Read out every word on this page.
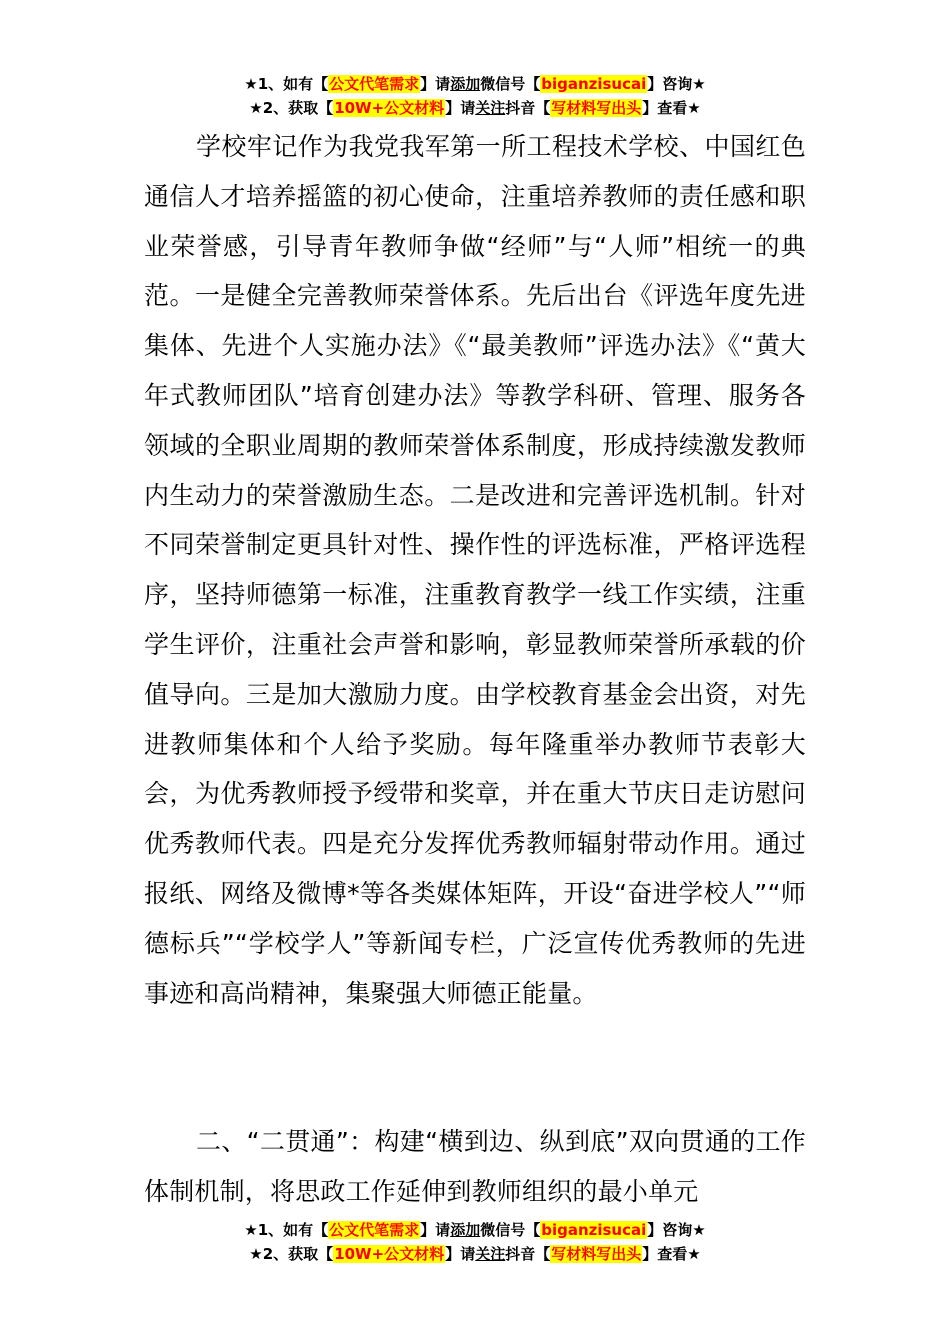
★1、如有【公文代笔需求】请添加微信号【biganzisucai】咨询★
★2、获取【10W+公文材料】请关注抖音【写材料写出头】查看★

学校牢记作为我党我军第一所工程技术学校、中国红色通信人才培养摇篮的初心使命，注重培养教师的责任感和职业荣誉感，引导青年教师争做“经师”与“人师”相统一的典范。一是健全完善教师荣誉体系。先后出台《评选年度先进集体、先进个人实施办法》《“最美教师”评选办法》《“黄大年式教师团队”培育创建办法》等教学科研、管理、服务各领域的全职业周期的教师荣誉体系制度，形成持续激发教师内生动力的荣誉激励生态。二是改进和完善评选机制。针对不同荣誉制定更具针对性、操作性的评选标准，严格评选程序，坚持师德第一标准，注重教育教学一线工作实绩，注重学生评价，注重社会声誉和影响，彰显教师荣誉所承载的价值导向。三是加大激励力度。由学校教育基金会出资，对先进教师集体和个人给予奖励。每年隆重举办教师节表彰大会，为优秀教师授予绶带和奖章，并在重大节庆日走访慰问优秀教师代表。四是充分发挥优秀教师辐射带动作用。通过报纸、网络及微博*等各类媒体矩阵，开设“奋进学校人”“师德标兵”“学校学人”等新闻专栏，广泛宣传优秀教师的先进事迹和高尚精神，集聚强大师德正能量。

二、“二贯通”：构建“横到边、纵到底”双向贯通的工作体制机制，将思政工作延伸到教师组织的最小单元

★1、如有【公文代笔需求】请添加微信号【biganzisucai】咨询★
★2、获取【10W+公文材料】请关注抖音【写材料写出头】查看★
